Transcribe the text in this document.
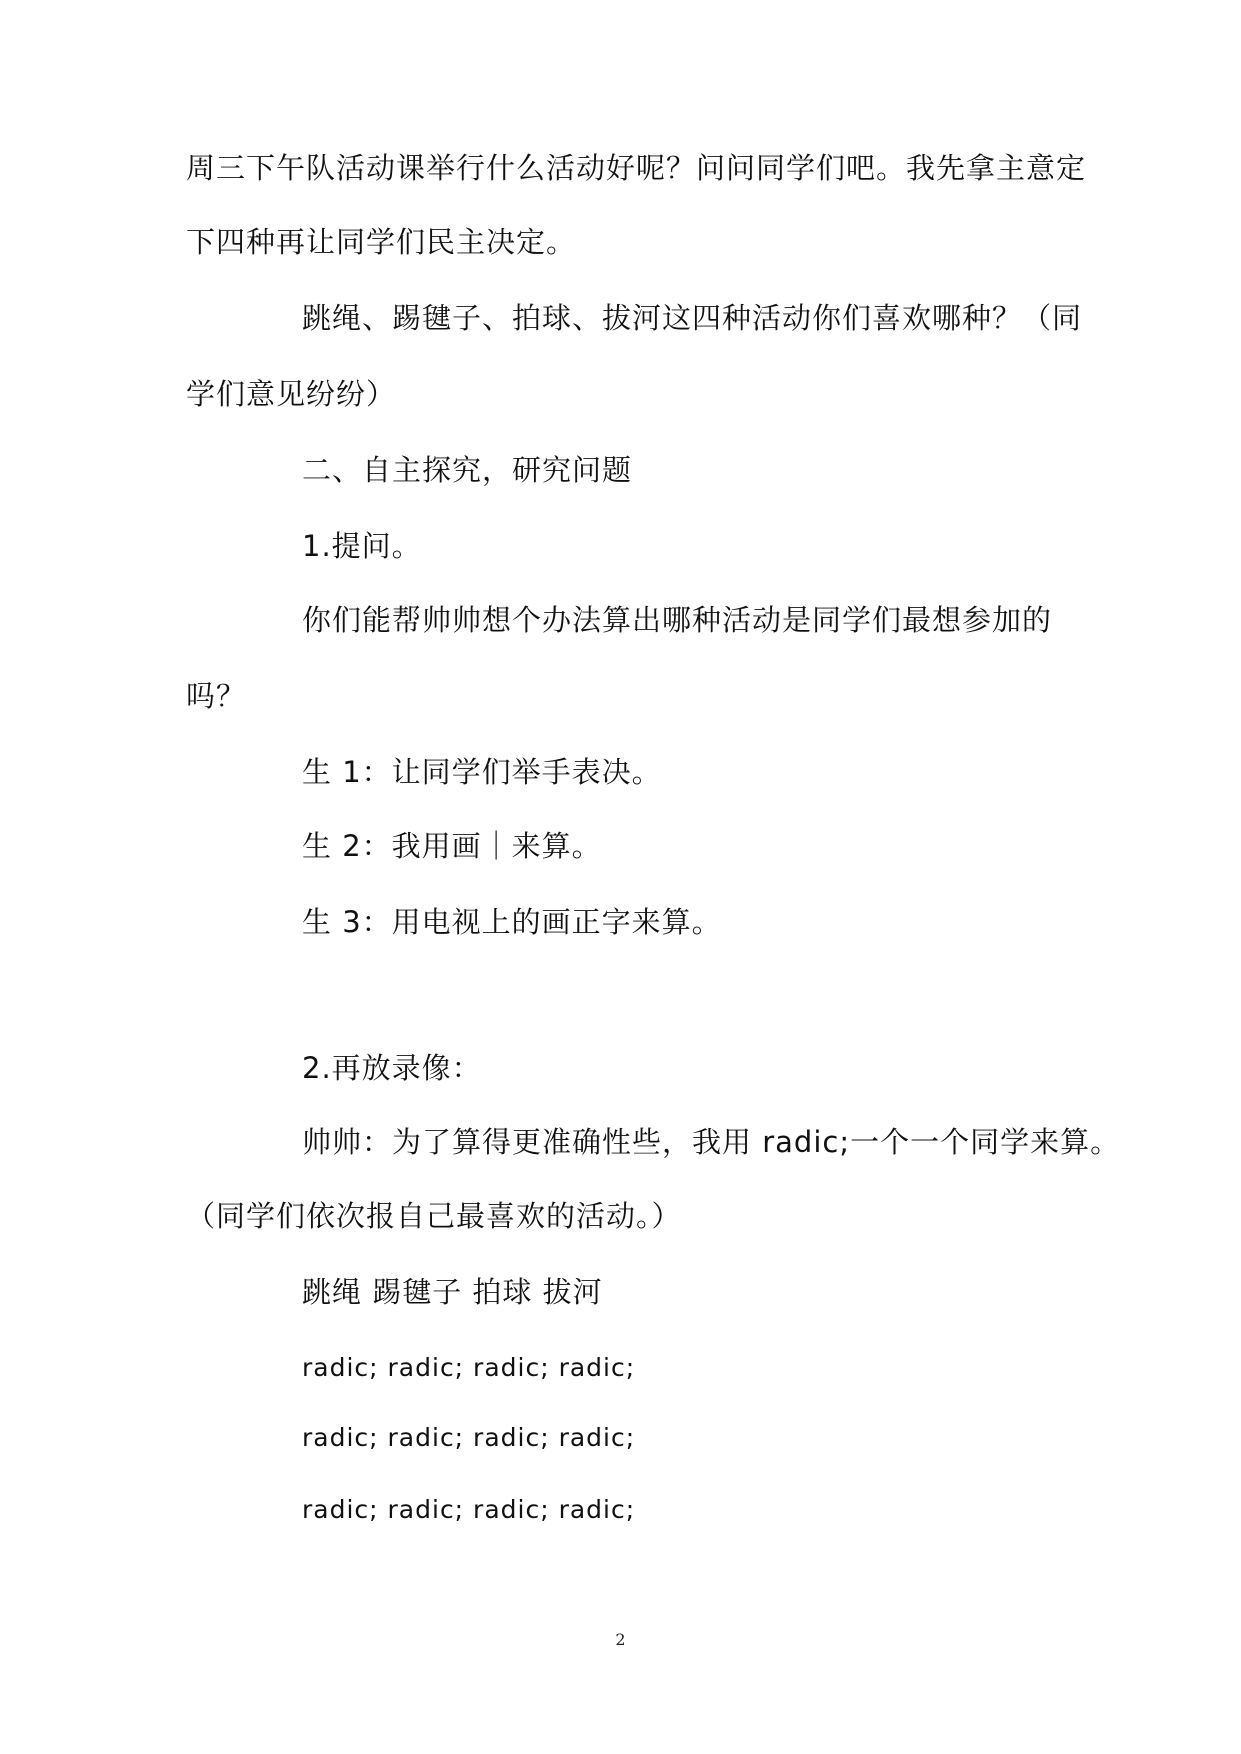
周三下午队活动课举行什么活动好呢？问问同学们吧。我先拿主意定

下四种再让同学们民主决定。

跳绳、踢毽子、拍球、拔河这四种活动你们喜欢哪种？（同

学们意见纷纷）

二、自主探究，研究问题

1.提问。

你们能帮帅帅想个办法算出哪种活动是同学们最想参加的

吗？

生 1：让同学们举手表决。

生 2：我用画｜来算。

生 3：用电视上的画正字来算。

2.再放录像：

帅帅：为了算得更准确性些，我用 radic;一个一个同学来算。

（同学们依次报自己最喜欢的活动。）

跳绳 踢毽子 拍球 拔河

radic; radic; radic; radic;

radic; radic; radic; radic;

radic; radic; radic; radic;

2
